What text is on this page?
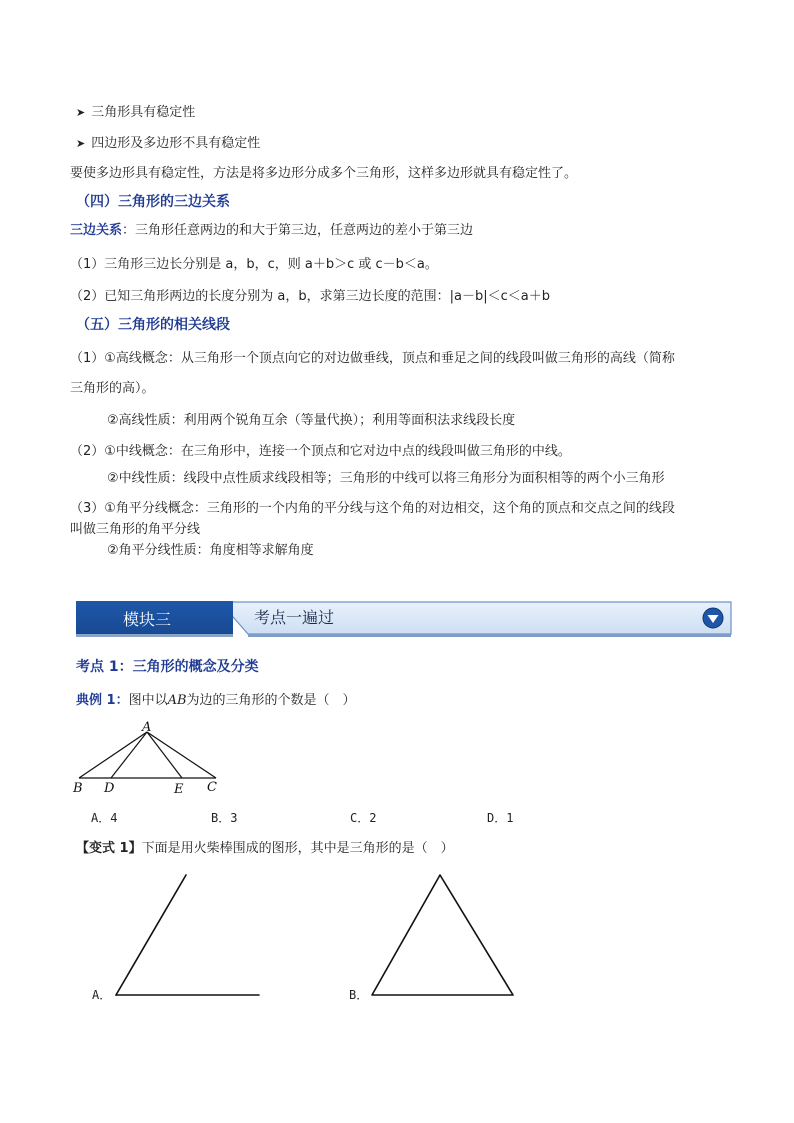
➤ 三角形具有稳定性
➤ 四边形及多边形不具有稳定性
要使多边形具有稳定性，方法是将多边形分成多个三角形，这样多边形就具有稳定性了。
（四）三角形的三边关系
三边关系：三角形任意两边的和大于第三边，任意两边的差小于第三边
（1）三角形三边长分别是 a，b，c，则 a＋b＞c 或 c－b＜a。
（2）已知三角形两边的长度分别为 a，b，求第三边长度的范围：|a－b|＜c＜a＋b
（五）三角形的相关线段
（1）①高线概念：从三角形一个顶点向它的对边做垂线，顶点和垂足之间的线段叫做三角形的高线（简称
三角形的高）。
②高线性质：利用两个锐角互余（等量代换）；利用等面积法求线段长度
（2）①中线概念：在三角形中，连接一个顶点和它对边中点的线段叫做三角形的中线。
②中线性质：线段中点性质求线段相等；三角形的中线可以将三角形分为面积相等的两个小三角形
（3）①角平分线概念：三角形的一个内角的平分线与这个角的对边相交，这个角的顶点和交点之间的线段
叫做三角形的角平分线
②角平分线性质：角度相等求解角度
考点一遍过
模块三
考点 1：三角形的概念及分类
典例 1：图中以AB为边的三角形的个数是（　）
A
B D	E C
A．4	B．3	C．2	D．1
【变式 1】下面是用火柴棒围成的图形，其中是三角形的是（　）
A．	B．
